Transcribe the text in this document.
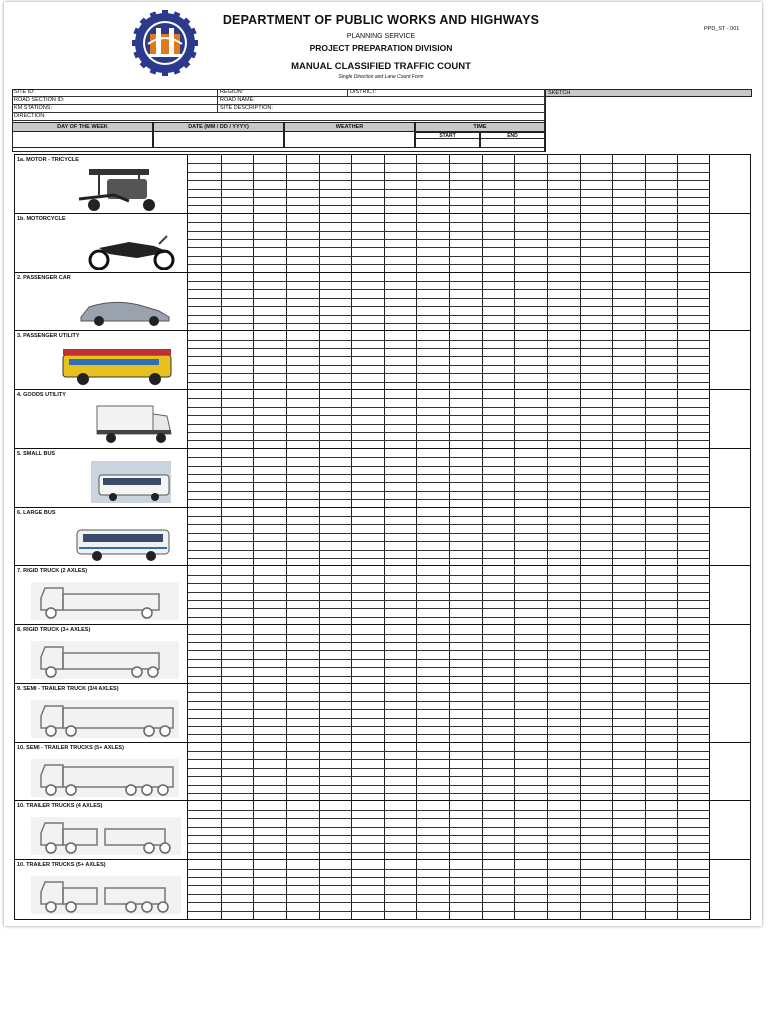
DEPARTMENT OF PUBLIC WORKS AND HIGHWAYS
PLANNING SERVICE
PROJECT PREPARATION DIVISION
MANUAL CLASSIFIED TRAFFIC COUNT
Single Direction and Lane Count Form
PPD_ST - 001
SITE ID:	REGION:	DISTRICT:
ROAD SECTION ID:	ROAD NAME:
KM STATIONS:	SITE DESCRIPTION:
DIRECTION:
SKETCH
DAY OF THE WEEK	DATE (MM / DD / YYYY)	WEATHER	TIME
START	END
1a. MOTOR - TRICYCLE
1b. MOTORCYCLE
2. PASSENGER CAR
3. PASSENGER UTILITY
4. GOODS UTILITY
5. SMALL BUS
6. LARGE BUS
7. RIGID TRUCK (2 AXLES)
8. RIGID TRUCK (3+ AXLES)
9. SEMI - TRAILER TRUCK (3/4 AXLES)
10. SEMI - TRAILER TRUCKS (5+ AXLES)
10. TRAILER TRUCKS (4 AXLES)
10. TRAILER TRUCKS (5+ AXLES)
